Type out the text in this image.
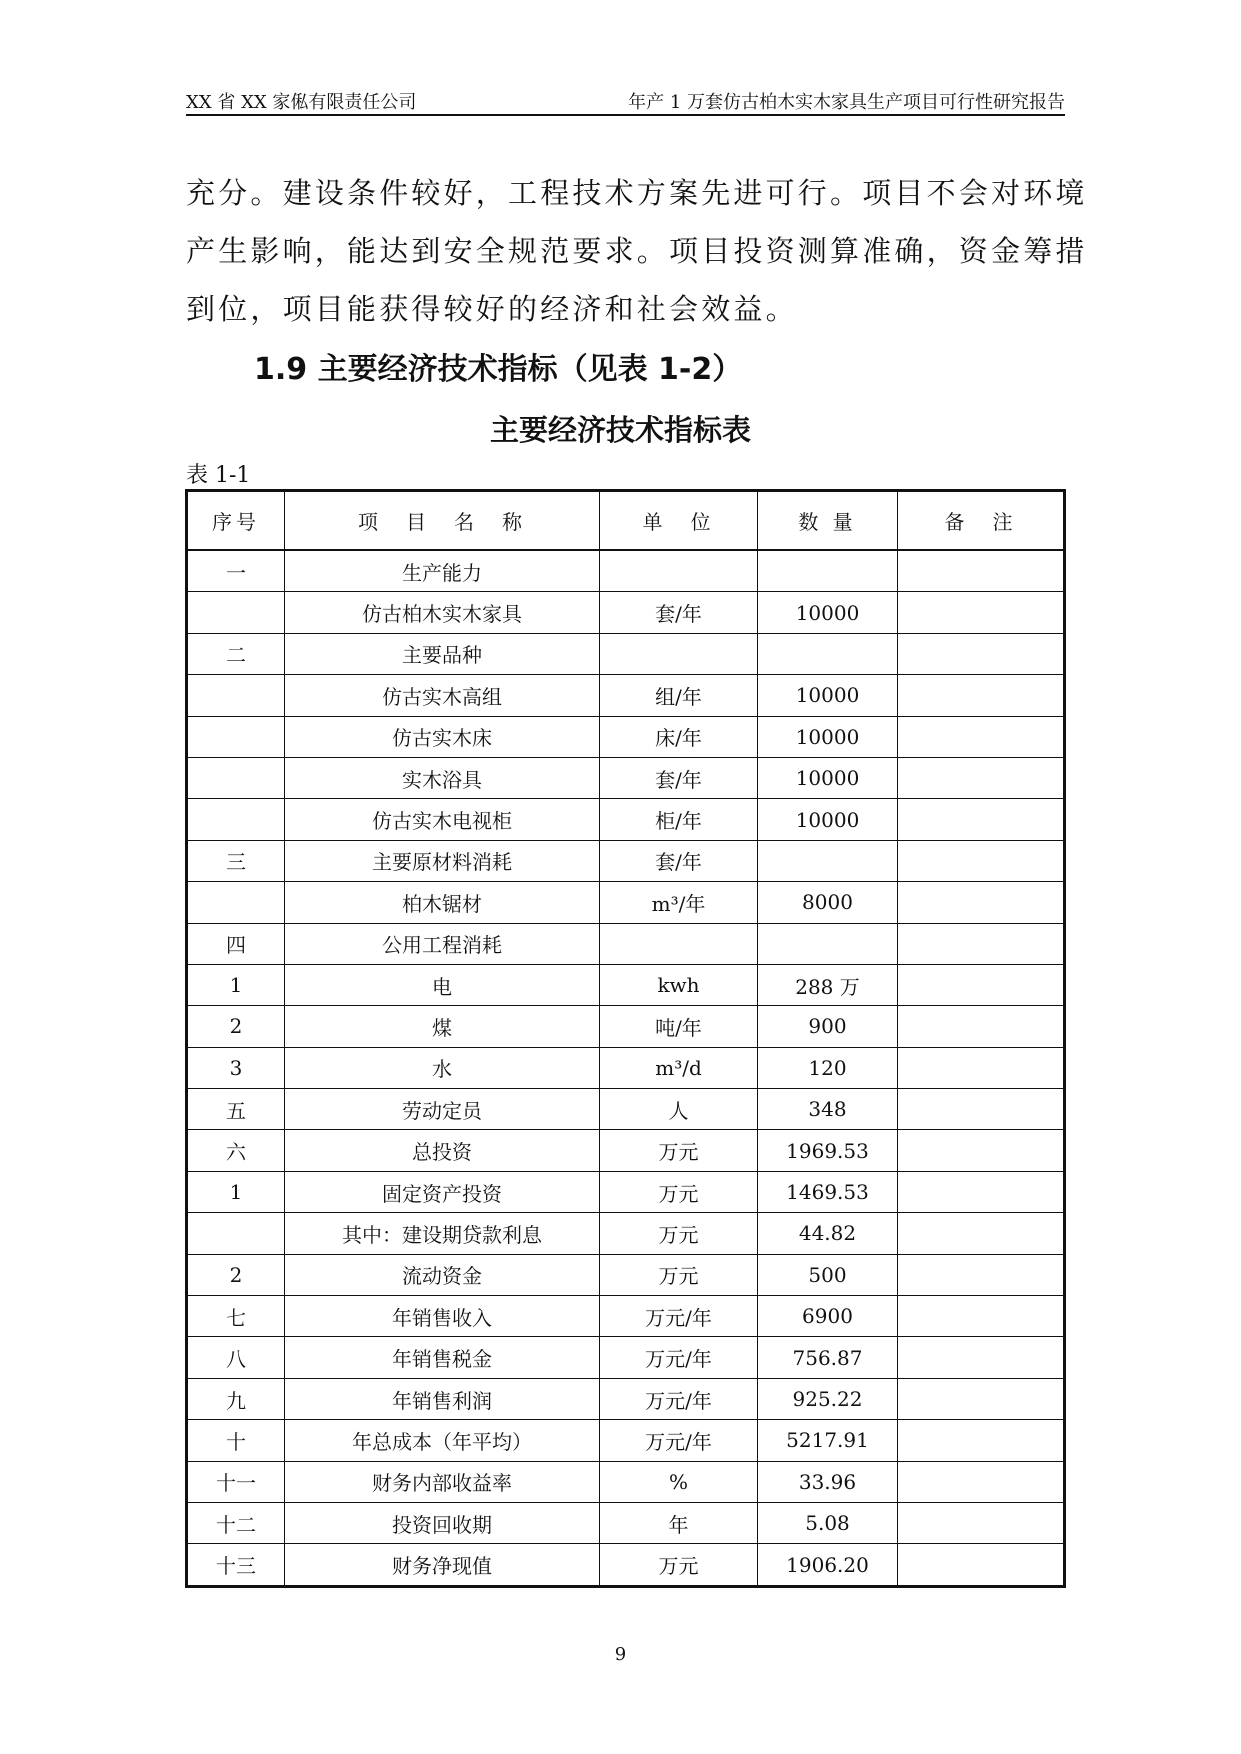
XX 省 XX 家俬有限责任公司	年产 1 万套仿古柏木实木家具生产项目可行性研究报告

充分。建设条件较好，工程技术方案先进可行。项目不会对环境

产生影响，能达到安全规范要求。项目投资测算准确，资金筹措

到位，项目能获得较好的经济和社会效益。

1.9 主要经济技术指标（见表 1-2）
主要经济技术指标表
表 1-1
序号	项　目　名　称	单　位	数 量	备　注
一	生产能力			
	仿古柏木实木家具	套/年	10000	
二	主要品种			
	仿古实木高组	组/年	10000	
	仿古实木床	床/年	10000	
	实木浴具	套/年	10000	
	仿古实木电视柜	柜/年	10000	
三	主要原材料消耗	套/年		
	柏木锯材	m³/年	8000	
四	公用工程消耗			
1	电	kwh	288 万	
2	煤	吨/年	900	
3	水	m³/d	120	
五	劳动定员	人	348	
六	总投资	万元	1969.53	
1	固定资产投资	万元	1469.53	
	其中：建设期贷款利息	万元	44.82	
2	流动资金	万元	500	
七	年销售收入	万元/年	6900	
八	年销售税金	万元/年	756.87	
九	年销售利润	万元/年	925.22	
十	年总成本（年平均）	万元/年	5217.91	
十一	财务内部收益率	%	33.96	
十二	投资回收期	年	5.08	
十三	财务净现值	万元	1906.20	
9
